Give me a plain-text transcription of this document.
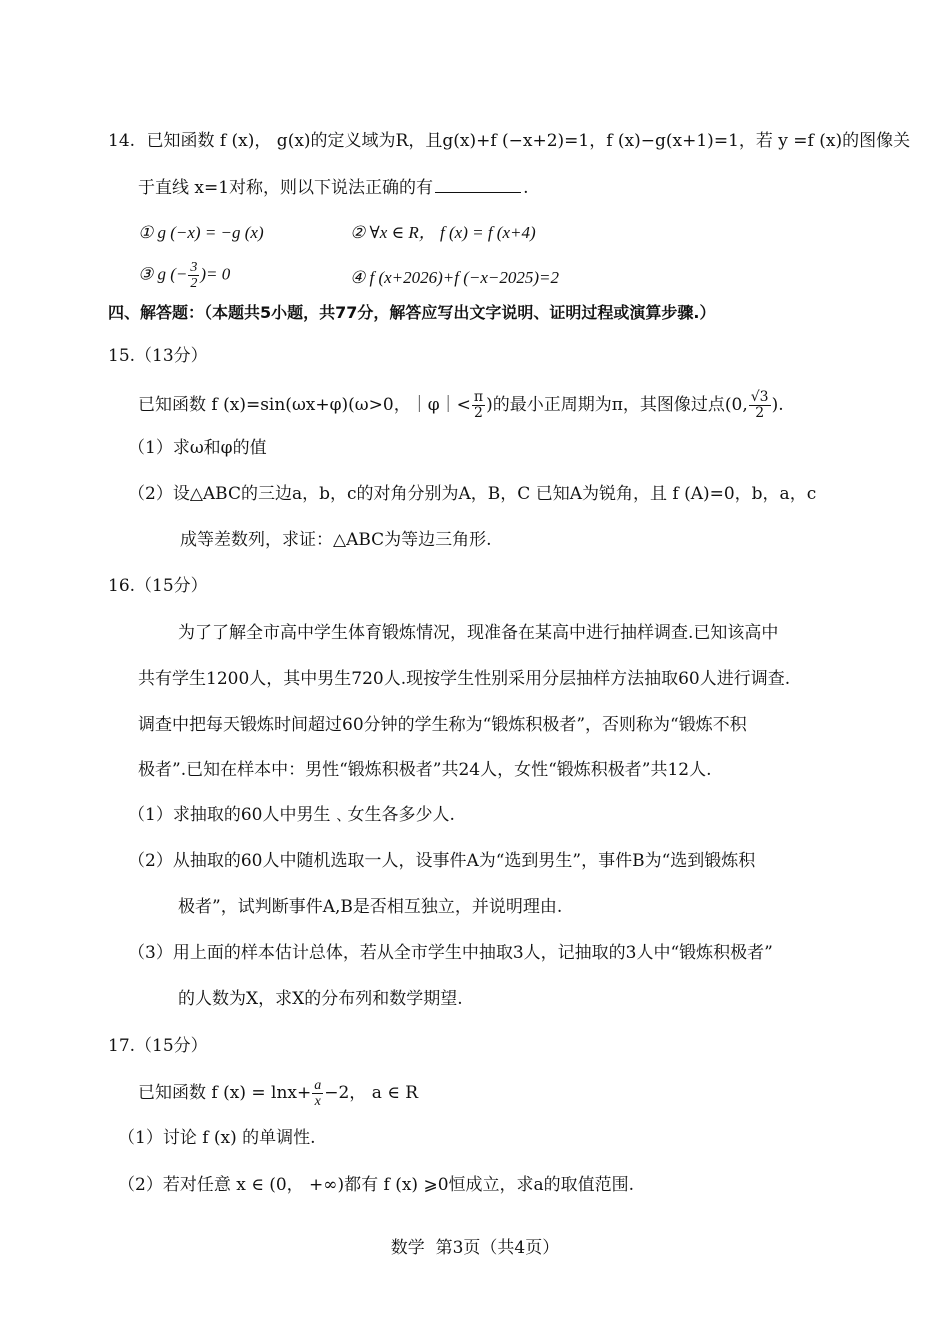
14. 已知函数 f (x)， g(x)的定义域为R，且g(x)+f (−x+2)=1，f (x)−g(x+1)=1，若 y =f (x)的图像关
于直线 x=1对称，则以下说法正确的有	.
① g (−x) = −g (x)	② ∀x ∈ R， f (x) = f (x+4)
③ g (− $\frac{3}{2}$ )= 0	④ f (x+2026)+f (−x−2025)=2
四、解答题：（本题共5小题，共77分，解答应写出文字说明、证明过程或演算步骤.）
15.（13分）
已知函数 f (x)=sin(ωx+φ)(ω>0，｜φ｜< $\frac{\pi}{2}$ )的最小正周期为π，其图像过点(0, $\frac{√3}{2}$ ).
（1）求ω和φ的值
（2）设△ABC的三边a，b，c的对角分别为A，B，C 已知A为锐角，且 f (A)=0，b，a，c
成等差数列，求证：△ABC为等边三角形.
16.（15分）
为了了解全市高中学生体育锻炼情况，现准备在某高中进行抽样调查.已知该高中
共有学生1200人，其中男生720人.现按学生性别采用分层抽样方法抽取60人进行调查.
调查中把每天锻炼时间超过60分钟的学生称为“锻炼积极者”，否则称为“锻炼不积
极者”.已知在样本中：男性“锻炼积极者”共24人，女性“锻炼积极者”共12人.
（1）求抽取的60人中男生﹑女生各多少人.
（2）从抽取的60人中随机选取一人，设事件A为“选到男生”，事件B为“选到锻炼积
极者”，试判断事件A,B是否相互独立，并说明理由.
（3）用上面的样本估计总体，若从全市学生中抽取3人，记抽取的3人中“锻炼积极者”
的人数为X，求X的分布列和数学期望.
17.（15分）
已知函数 f $(x) = \ln x+ \frac{a}{x} -2$， a ∈ R
（1）讨论 f (x) 的单调性.
（2）若对任意 x ∈ (0， +∞)都有 f (x) ⩾0恒成立，求a的取值范围.
数学  第3页（共4页）
